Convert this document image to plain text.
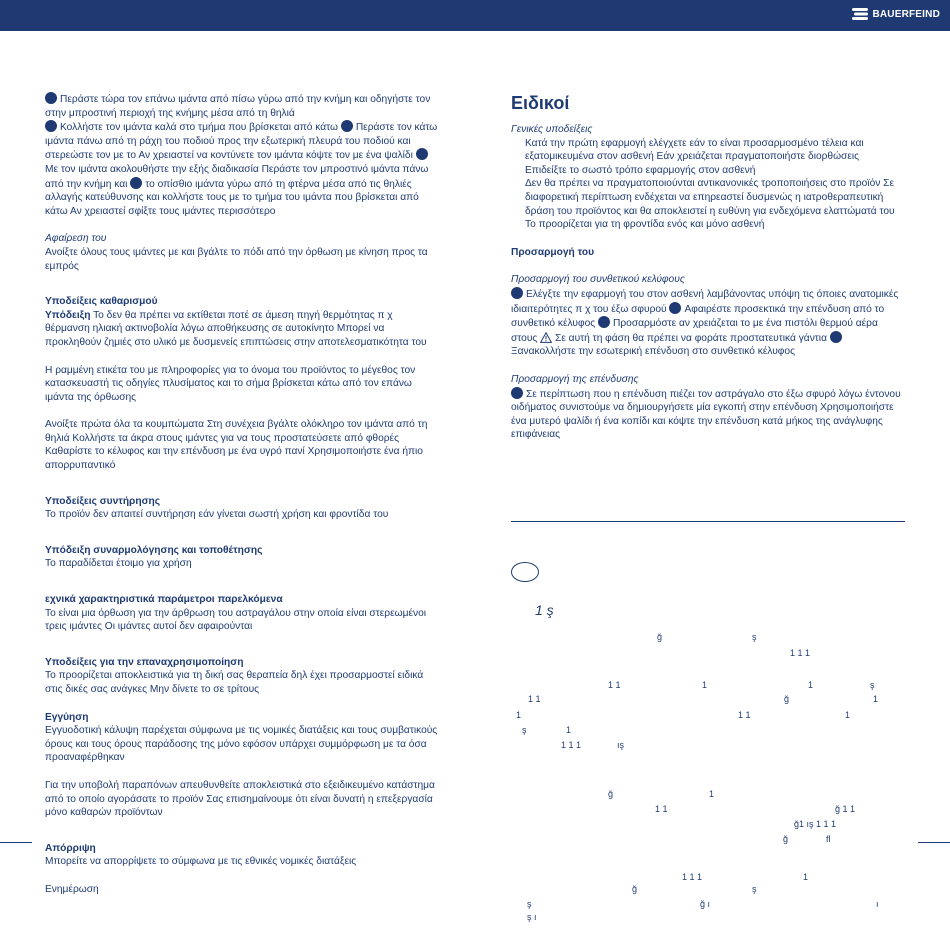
BAUERFEIND

Περάστε τώρα τον επάνω ιμάντα από πίσω γύρω από την κνήμη και οδηγήστε τον στην μπροστινή περιοχή της κνήμης μέσα από τη θηλιά

Κολλήστε τον ιμάντα καλά στο τμήμα που βρίσκεται από κάτω Περάστε τον κάτω ιμάντα πάνω από τη ράχη του ποδιού προς την εξωτερική πλευρά του ποδιού και στερεώστε τον με το Αν χρειαστεί να κοντύνετε τον ιμάντα κόψτε τον με ένα ψαλίδι Με τον ιμάντα ακολουθήστε την εξής διαδικασία Περάστε τον μπροστινό ιμάντα πάνω από την κνήμη και το οπίσθιο ιμάντα γύρω από τη φτέρνα μέσα από τις θηλιές αλλαγής κατεύθυνσης και κολλήστε τους με το τμήμα του ιμάντα που βρίσκεται από κάτω Αν χρειαστεί σφίξτε τους ιμάντες περισσότερο

Αφαίρεση του

Ανοίξτε όλους τους ιμάντες με και βγάλτε το πόδι από την όρθωση με κίνηση προς τα εμπρός

Υποδείξεις καθαρισμού

Υπόδειξη Το δεν θα πρέπει να εκτίθεται ποτέ σε άμεση πηγή θερμότητας π χ θέρμανση ηλιακή ακτινοβολία λόγω αποθήκευσης σε αυτοκίνητο Μπορεί να προκληθούν ζημιές στο υλικό με δυσμενείς επιπτώσεις στην αποτελεσματικότητα του

Η ραμμένη ετικέτα του με πληροφορίες για το όνομα του προϊόντος το μέγεθος τον κατασκευαστή τις οδηγίες πλυσίματος και το σήμα βρίσκεται κάτω από τον επάνω ιμάντα της όρθωσης

Ανοίξτε πρώτα όλα τα κουμπώματα Στη συνέχεια βγάλτε ολόκληρο τον ιμάντα από τη θηλιά Κολλήστε τα άκρα στους ιμάντες για να τους προστατεύσετε από φθορές Καθαρίστε το κέλυφος και την επένδυση με ένα υγρό πανί Χρησιμοποιήστε ένα ήπιο απορρυπαντικό

Υποδείξεις συντήρησης

Το προϊόν δεν απαιτεί συντήρηση εάν γίνεται σωστή χρήση και φροντίδα του

Υπόδειξη συναρμολόγησης και τοποθέτησης

Το παραδίδεται έτοιμο για χρήση

εχνικά χαρακτηριστικά παράμετροι παρελκόμενα

Το είναι μια όρθωση για την άρθρωση του αστραγάλου στην οποία είναι στερεωμένοι τρεις ιμάντες Οι ιμάντες αυτοί δεν αφαιρούνται

Υποδείξεις για την επαναχρησιμοποίηση

Το προορίζεται αποκλειστικά για τη δική σας θεραπεία δηλ έχει προσαρμοστεί ειδικά στις δικές σας ανάγκες Μην δίνετε το σε τρίτους

Εγγύηση

Εγγυοδοτική κάλυψη παρέχεται σύμφωνα με τις νομικές διατάξεις και τους συμβατικούς όρους και τους όρους παράδοσης της μόνο εφόσον υπάρχει συμμόρφωση με τα όσα προαναφέρθηκαν

Για την υποβολή παραπόνων απευθυνθείτε αποκλειστικά στο εξειδικευμένο κατάστημα από το οποίο αγοράσατε το προϊόν Σας επισημαίνουμε ότι είναι δυνατή η επεξεργασία μόνο καθαρών προϊόντων

Απόρριψη

Μπορείτε να απορρίψετε το σύμφωνα με τις εθνικές νομικές διατάξεις

Ενημέρωση

Ειδικοί

Γενικές υποδείξεις

Κατά την πρώτη εφαρμογή ελέγχετε εάν το είναι προσαρμοσμένο τέλεια και εξατομικευμένα στον ασθενή Εάν χρειάζεται πραγματοποιήστε διορθώσεις

Επιδείξτε το σωστό τρόπο εφαρμογής στον ασθενή

Δεν θα πρέπει να πραγματοποιούνται αντικανονικές τροποποιήσεις στο προϊόν Σε διαφορετική περίπτωση ενδέχεται να επηρεαστεί δυσμενώς η ιατροθεραπευτική δράση του προϊόντος και θα αποκλειστεί η ευθύνη για ενδεχόμενα ελαττώματά του

Το προορίζεται για τη φροντίδα ενός και μόνο ασθενή

Προσαρμογή του

Προσαρμογή του συνθετικού κελύφους

Ελέγξτε την εφαρμογή του στον ασθενή λαμβάνοντας υπόψη τις όποιες ανατομικές ιδιαιτερότητες π χ του έξω σφυρού Αφαιρέστε προσεκτικά την επένδυση από το συνθετικό κέλυφος Προσαρμόστε αν χρειάζεται το με ένα πιστόλι θερμού αέρα στους Σε αυτή τη φάση θα πρέπει να φοράτε προστατευτικά γάντια Ξανακολλήστε την εσωτερική επένδυση στο συνθετικό κέλυφος

Προσαρμογή της επένδυσης

Σε περίπτωση που η επένδυση πιέζει τον αστράγαλο στο έξω σφυρό λόγω έντονου οιδήματος συνιστούμε να δημιουργήσετε μία εγκοπή στην επένδυση Χρησιμοποιήστε ένα μυτερό ψαλίδι ή ένα κοπίδι και κόψτε την επένδυση κατά μήκος της ανάγλυφης επιφάνειας

1 ş
ğ	ş
1 1 1
1 1	1	1	ş
1 1	ğ	1
1	1 1	1
ş	1
1 1 1	ış
ğ	1
1 1	ğ 1 1
ğ1 ış 1 1 1
ğ	fl
1 1 1	1
ğ	ş
ş	ğ ı	ı
ş ı
